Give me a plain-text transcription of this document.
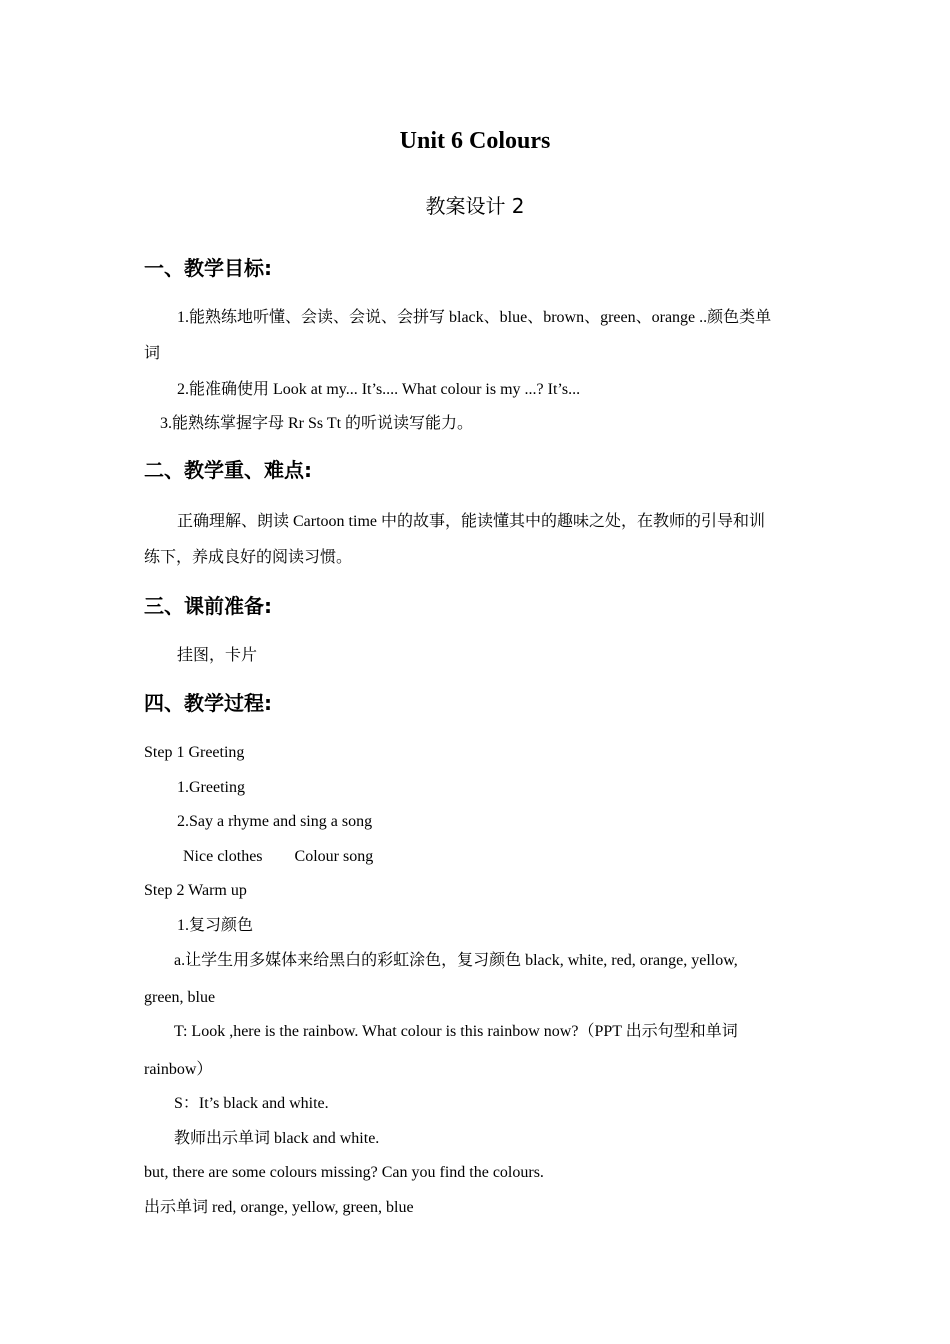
Unit 6 Colours
教案设计 2
一、教学目标:
1.能熟练地听懂、会读、会说、会拼写 black、blue、brown、green、orange ..颜色类单
词
2.能准确使用 Look at my... It’s.... What colour is my ...? It’s...
3.能熟练掌握字母 Rr Ss Tt 的听说读写能力。
二、教学重、难点:
正确理解、朗读 Cartoon time 中的故事，能读懂其中的趣味之处，在教师的引导和训
练下，养成良好的阅读习惯。
三、课前准备:
挂图，卡片
四、教学过程:
Step 1 Greeting
1.Greeting
2.Say a rhyme and sing a song
Nice clothes　　Colour song
Step 2 Warm up
1.复习颜色
a.让学生用多媒体来给黑白的彩虹涂色，复习颜色 black, white, red, orange, yellow,
green, blue
T: Look ,here is the rainbow. What colour is this rainbow now?（PPT 出示句型和单词
rainbow）
S：It’s black and white.
教师出示单词 black and white.
but, there are some colours missing? Can you find the colours.
出示单词 red, orange, yellow, green, blue
